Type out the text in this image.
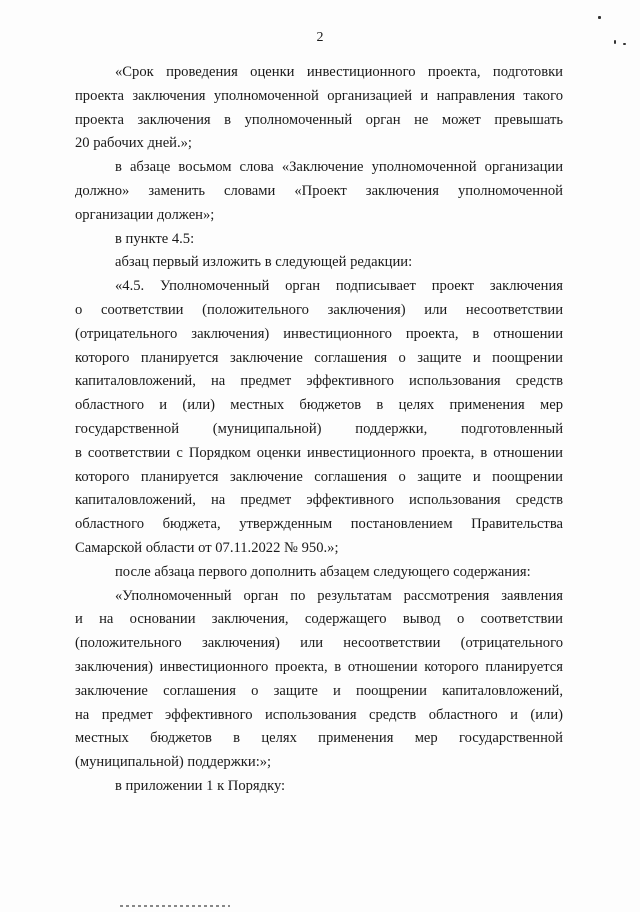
2
«Срок проведения оценки инвестиционного проекта, подготовки
проекта заключения уполномоченной организацией и направления такого
проекта заключения в уполномоченный орган не может превышать
20 рабочих дней.»;
в абзаце восьмом слова «Заключение уполномоченной организации
должно» заменить словами «Проект заключения уполномоченной
организации должен»;
в пункте 4.5:
абзац первый изложить в следующей редакции:
«4.5. Уполномоченный орган подписывает проект заключения
о соответствии (положительного заключения) или несоответствии
(отрицательного заключения) инвестиционного проекта, в отношении
которого планируется заключение соглашения о защите и поощрении
капиталовложений, на предмет эффективного использования средств
областного и (или) местных бюджетов в целях применения мер
государственной (муниципальной) поддержки, подготовленный
в соответствии с Порядком оценки инвестиционного проекта, в отношении
которого планируется заключение соглашения о защите и поощрении
капиталовложений, на предмет эффективного использования средств
областного бюджета, утвержденным постановлением Правительства
Самарской области от 07.11.2022 № 950.»;
после абзаца первого дополнить абзацем следующего содержания:
«Уполномоченный орган по результатам рассмотрения заявления
и на основании заключения, содержащего вывод о соответствии
(положительного заключения) или несоответствии (отрицательного
заключения) инвестиционного проекта, в отношении которого планируется
заключение соглашения о защите и поощрении капиталовложений,
на предмет эффективного использования средств областного и (или)
местных бюджетов в целях применения мер государственной
(муниципальной) поддержки:»;
в приложении 1 к Порядку:
